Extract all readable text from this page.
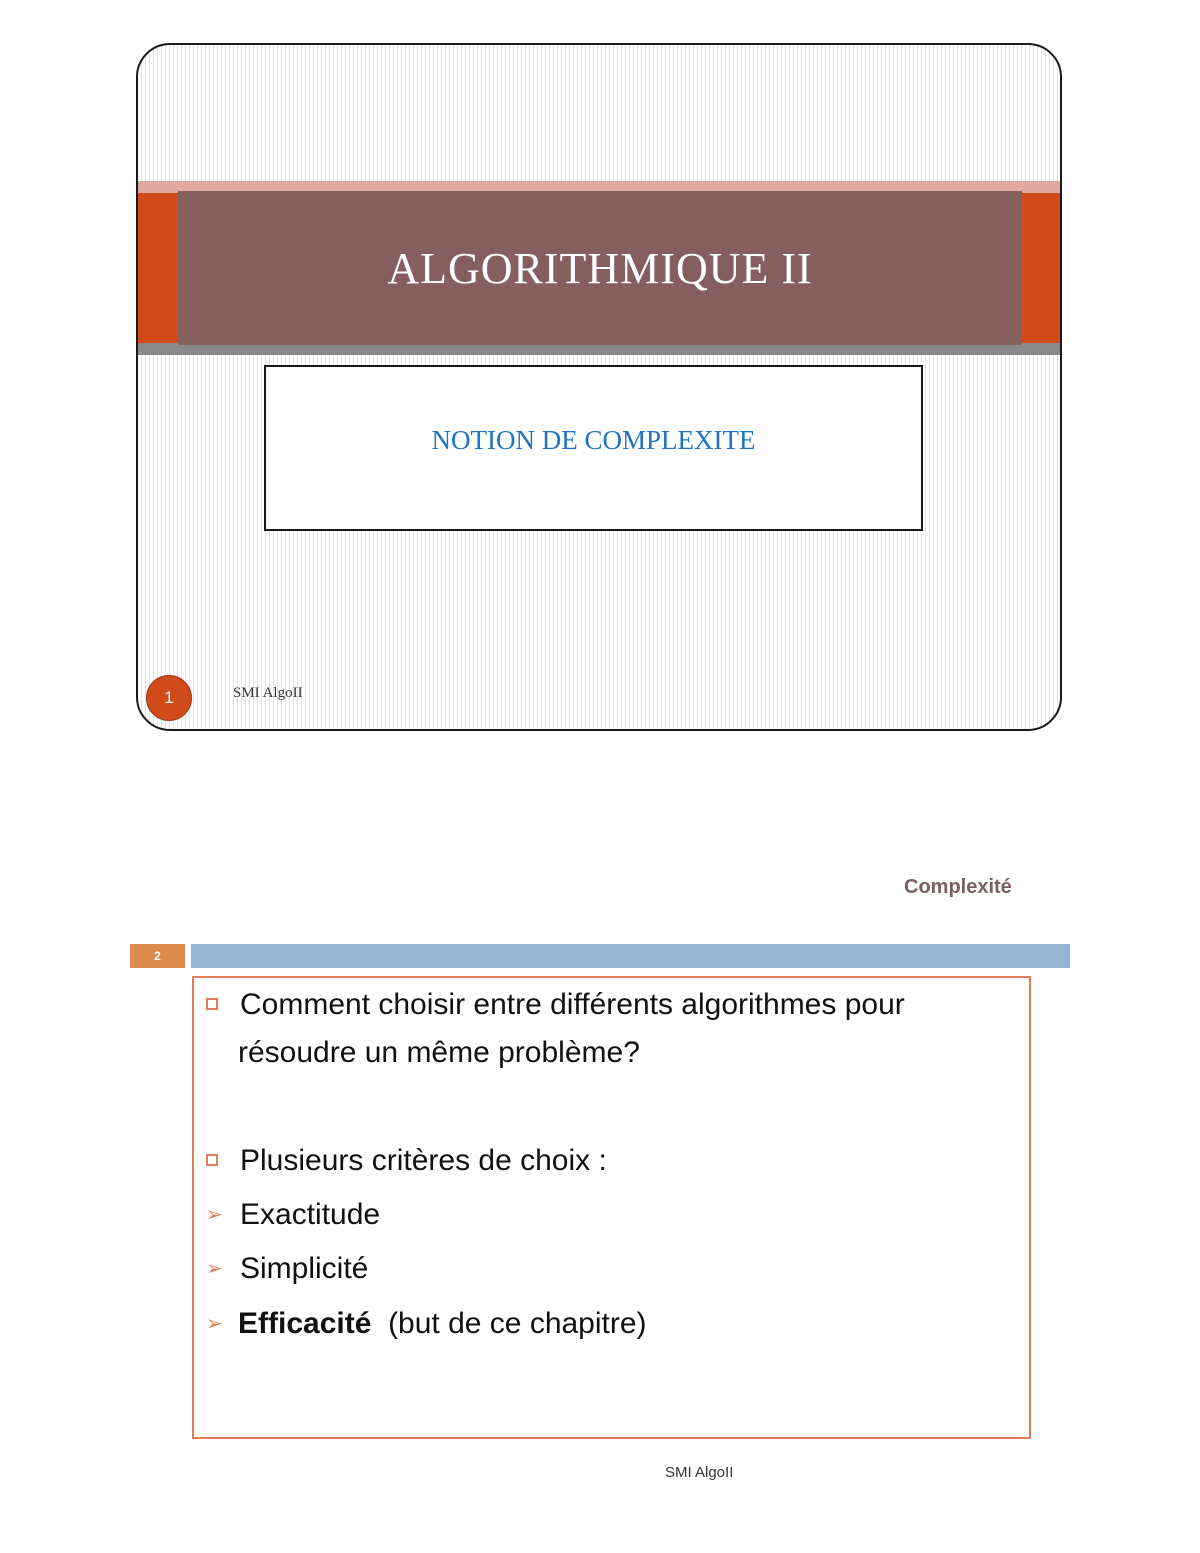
ALGORITHMIQUE II
NOTION DE COMPLEXITE
1	SMI AlgoII
Complexité
2
Comment choisir entre différents algorithmes pour
résoudre un même problème?
Plusieurs critères de choix :
➢ Exactitude
➢ Simplicité
➢ Efficacité (but de ce chapitre)
SMI AlgoII
